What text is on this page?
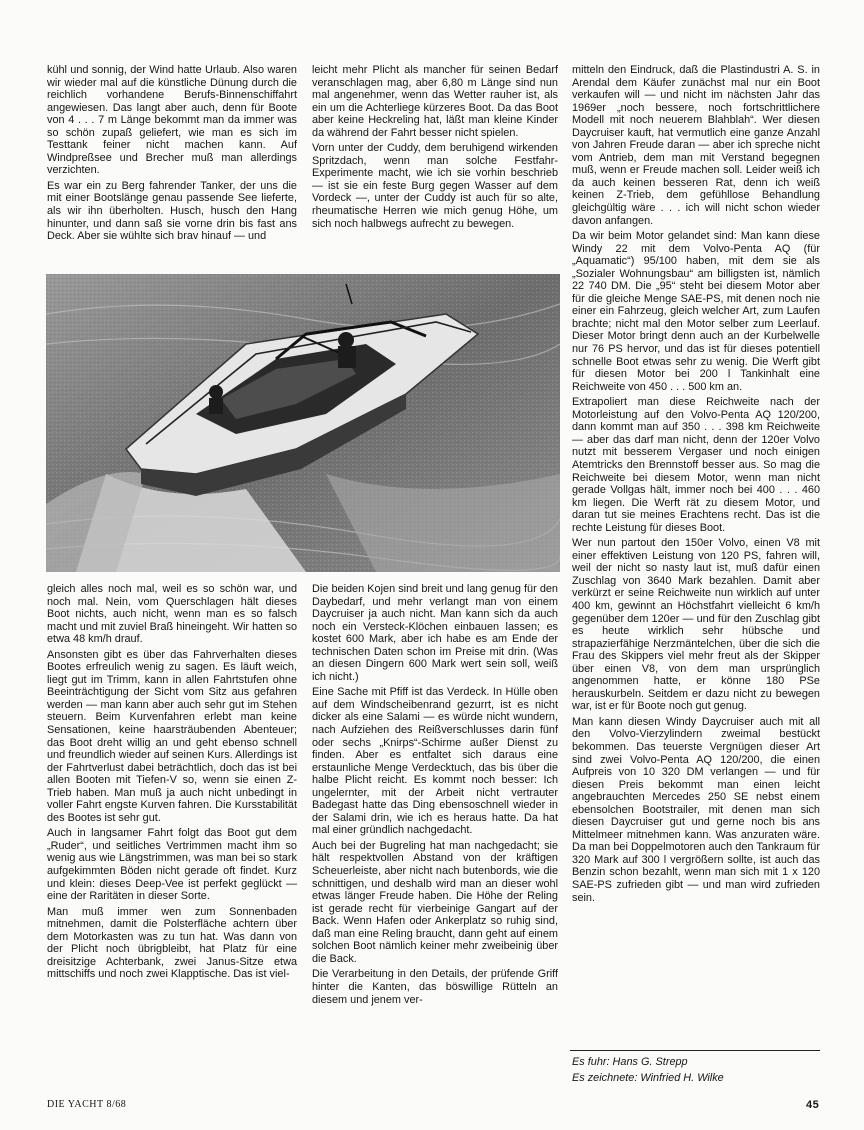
kühl und sonnig, der Wind hatte Urlaub. Also waren wir wieder mal auf die künstliche Dünung durch die reichlich vorhandene Berufs-Binnenschiffahrt angewiesen. Das langt aber auch, denn für Boote von 4 . . . 7 m Länge bekommt man da immer was so schön zupaß geliefert, wie man es sich im Testtank feiner nicht machen kann. Auf Windpreßsee und Brecher muß man allerdings verzichten.

Es war ein zu Berg fahrender Tanker, der uns die mit einer Bootslänge genau passende See lieferte, als wir ihn überholten. Husch, husch den Hang hinunter, und dann saß sie vorne drin bis fast ans Deck. Aber sie wühlte sich brav hinauf — und

leicht mehr Plicht als mancher für seinen Bedarf veranschlagen mag, aber 6,80 m Länge sind nun mal angenehmer, wenn das Wetter rauher ist, als ein um die Achterliege kürzeres Boot. Da das Boot aber keine Heckreling hat, läßt man kleine Kinder da während der Fahrt besser nicht spielen.

Vorn unter der Cuddy, dem beruhigend wirkenden Spritzdach, wenn man solche Festfahr-Experimente macht, wie ich sie vorhin beschrieb — ist sie ein feste Burg gegen Wasser auf dem Vordeck —, unter der Cuddy ist auch für so alte, rheumatische Herren wie mich genug Höhe, um sich noch halbwegs aufrecht zu bewegen.

gleich alles noch mal, weil es so schön war, und noch mal. Nein, vom Querschlagen hält dieses Boot nichts, auch nicht, wenn man es so falsch macht und mit zuviel Braß hineingeht. Wir hatten so etwa 48 km/h drauf.

Ansonsten gibt es über das Fahrverhalten dieses Bootes erfreulich wenig zu sagen. Es läuft weich, liegt gut im Trimm, kann in allen Fahrtstufen ohne Beeinträchtigung der Sicht vom Sitz aus gefahren werden — man kann aber auch sehr gut im Stehen steuern. Beim Kurvenfahren erlebt man keine Sensationen, keine haarsträubenden Abenteuer; das Boot dreht willig an und geht ebenso schnell und freundlich wieder auf seinen Kurs. Allerdings ist der Fahrtverlust dabei beträchtlich, doch das ist bei allen Booten mit Tiefen-V so, wenn sie einen Z-Trieb haben. Man muß ja auch nicht unbedingt in voller Fahrt engste Kurven fahren. Die Kursstabilität des Bootes ist sehr gut.

Auch in langsamer Fahrt folgt das Boot gut dem „Ruder“, und seitliches Vertrimmen macht ihm so wenig aus wie Längstrimmen, was man bei so stark aufgekimmten Böden nicht gerade oft findet. Kurz und klein: dieses Deep-Vee ist perfekt geglückt — eine der Raritäten in dieser Sorte.

Man muß immer wen zum Sonnenbaden mitnehmen, damit die Polsterfläche achtern über dem Motorkasten was zu tun hat. Was dann von der Plicht noch übrigbleibt, hat Platz für eine dreisitzige Achterbank, zwei Janus-Sitze etwa mittschiffs und noch zwei Klapptische. Das ist viel-

Die beiden Kojen sind breit und lang genug für den Daybedarf, und mehr verlangt man von einem Daycruiser ja auch nicht. Man kann sich da auch noch ein Versteck-Klöchen einbauen lassen; es kostet 600 Mark, aber ich habe es am Ende der technischen Daten schon im Preise mit drin. (Was an diesen Dingern 600 Mark wert sein soll, weiß ich nicht.)

Eine Sache mit Pfiff ist das Verdeck. In Hülle oben auf dem Windscheibenrand gezurrt, ist es nicht dicker als eine Salami — es würde nicht wundern, nach Aufziehen des Reißverschlusses darin fünf oder sechs „Knirps“-Schirme außer Dienst zu finden. Aber es entfaltet sich daraus eine erstaunliche Menge Verdecktuch, das bis über die halbe Plicht reicht. Es kommt noch besser: Ich ungelernter, mit der Arbeit nicht vertrauter Badegast hatte das Ding ebensoschnell wieder in der Salami drin, wie ich es heraus hatte. Da hat mal einer gründlich nachgedacht.

Auch bei der Bugreling hat man nachgedacht; sie hält respektvollen Abstand von der kräftigen Scheuerleiste, aber nicht nach butenbords, wie die schnittigen, und deshalb wird man an dieser wohl etwas länger Freude haben. Die Höhe der Reling ist gerade recht für vierbeinige Gangart auf der Back. Wenn Hafen oder Ankerplatz so ruhig sind, daß man eine Reling braucht, dann geht auf einem solchen Boot nämlich keiner mehr zweibeinig über die Back.

Die Verarbeitung in den Details, der prüfende Griff hinter die Kanten, das böswillige Rütteln an diesem und jenem ver-

mitteln den Eindruck, daß die Plastindustri A. S. in Arendal dem Käufer zunächst mal nur ein Boot verkaufen will — und nicht im nächsten Jahr das 1969er „noch bessere, noch fortschrittlichere Modell mit noch neuerem Blahblah“. Wer diesen Daycruiser kauft, hat vermutlich eine ganze Anzahl von Jahren Freude daran — aber ich spreche nicht vom Antrieb, dem man mit Verstand begegnen muß, wenn er Freude machen soll. Leider weiß ich da auch keinen besseren Rat, denn ich weiß keinen Z-Trieb, dem gefühllose Behandlung gleichgültig wäre . . . ich will nicht schon wieder davon anfangen.

Da wir beim Motor gelandet sind: Man kann diese Windy 22 mit dem Volvo-Penta AQ (für „Aquamatic“) 95/100 haben, mit dem sie als „Sozialer Wohnungsbau“ am billigsten ist, nämlich 22 740 DM. Die „95“ steht bei diesem Motor aber für die gleiche Menge SAE-PS, mit denen noch nie einer ein Fahrzeug, gleich welcher Art, zum Laufen brachte; nicht mal den Motor selber zum Leerlauf. Dieser Motor bringt denn auch an der Kurbelwelle nur 76 PS hervor, und das ist für dieses potentiell schnelle Boot etwas sehr zu wenig. Die Werft gibt für diesen Motor bei 200 l Tankinhalt eine Reichweite von 450 . . . 500 km an.

Extrapoliert man diese Reichweite nach der Motorleistung auf den Volvo-Penta AQ 120/200, dann kommt man auf 350 . . . 398 km Reichweite — aber das darf man nicht, denn der 120er Volvo nutzt mit besserem Vergaser und noch einigen Atemtricks den Brennstoff besser aus. So mag die Reichweite bei diesem Motor, wenn man nicht gerade Vollgas hält, immer noch bei 400 . . . 460 km liegen. Die Werft rät zu diesem Motor, und daran tut sie meines Erachtens recht. Das ist die rechte Leistung für dieses Boot.

Wer nun partout den 150er Volvo, einen V8 mit einer effektiven Leistung von 120 PS, fahren will, weil der nicht so nasty laut ist, muß dafür einen Zuschlag von 3640 Mark bezahlen. Damit aber verkürzt er seine Reichweite nun wirklich auf unter 400 km, gewinnt an Höchstfahrt vielleicht 6 km/h gegenüber dem 120er — und für den Zuschlag gibt es heute wirklich sehr hübsche und strapazierfähige Nerzmäntelchen, über die sich die Frau des Skippers viel mehr freut als der Skipper über einen V8, von dem man ursprünglich angenommen hatte, er könne 180 PSe herauskurbeln. Seitdem er dazu nicht zu bewegen war, ist er für Boote noch gut genug.

Man kann diesen Windy Daycruiser auch mit all den Volvo-Vierzylindern zweimal bestückt bekommen. Das teuerste Vergnügen dieser Art sind zwei Volvo-Penta AQ 120/200, die einen Aufpreis von 10 320 DM verlangen — und für diesen Preis bekommt man einen leicht angebrauchten Mercedes 250 SE nebst einem ebensolchen Bootstrailer, mit denen man sich diesen Daycruiser gut und gerne noch bis ans Mittelmeer mitnehmen kann. Was anzuraten wäre. Da man bei Doppelmotoren auch den Tankraum für 320 Mark auf 300 l vergrößern sollte, ist auch das Benzin schon bezahlt, wenn man sich mit 1 x 120 SAE-PS zufrieden gibt — und man wird zufrieden sein.

Es fuhr: Hans G. Strepp

Es zeichnete: Winfried H. Wilke

DIE YACHT 8/68	45
